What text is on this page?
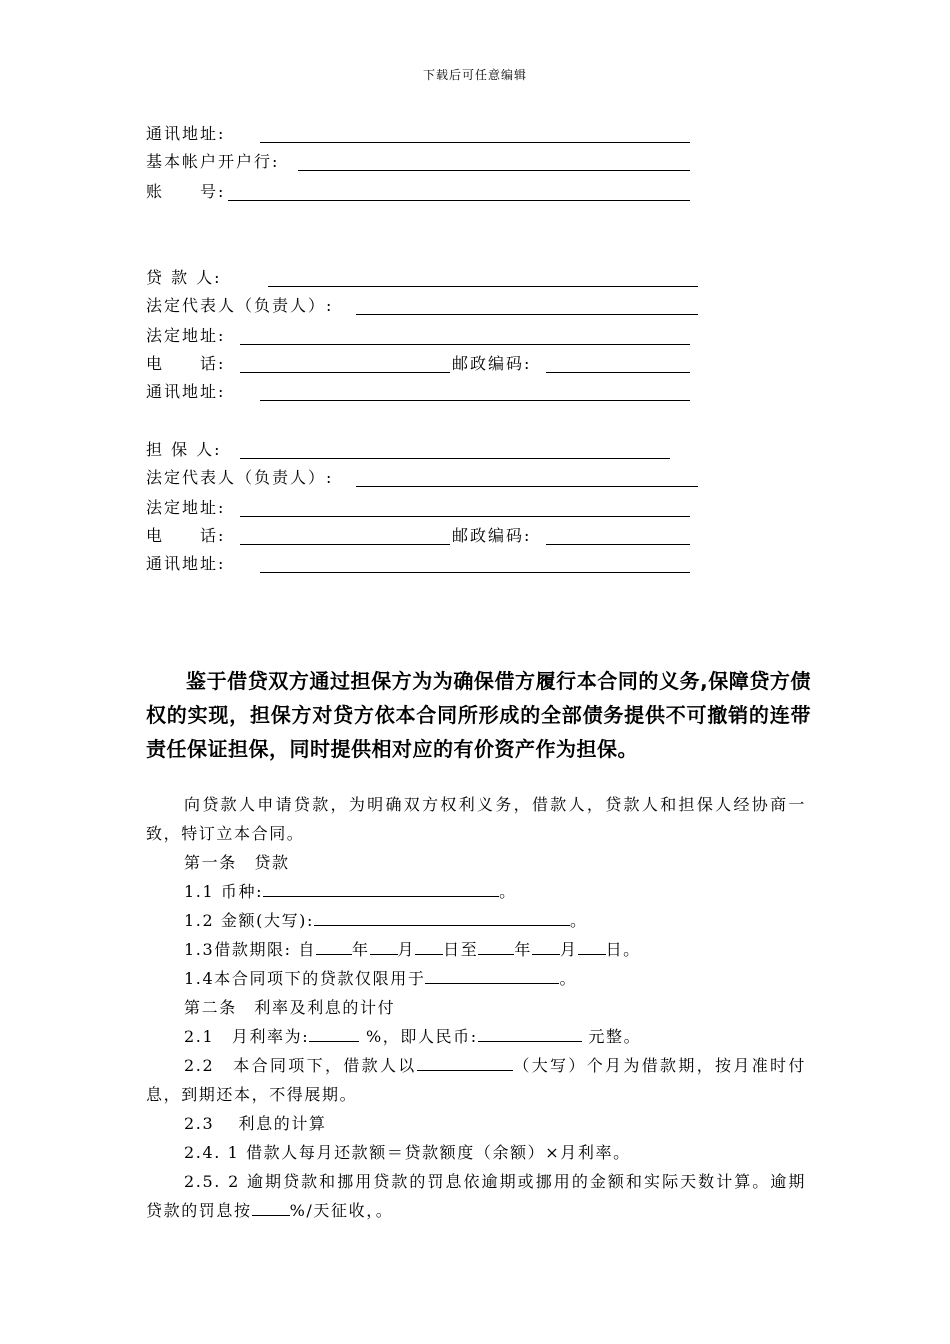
下载后可任意编辑
通讯地址:
基本帐户开户行:
账　　号:
贷 款 人:
法定代表人（负责人）:
法定地址:
电　　话:	邮政编码:
通讯地址:
担 保 人:
法定代表人（负责人）:
法定地址:
电　　话:	邮政编码:
通讯地址:

鉴于借贷双方通过担保方为为确保借方履行本合同的义务,保障贷方债权的实现，担保方对贷方依本合同所形成的全部债务提供不可撤销的连带责任保证担保，同时提供相对应的有价资产作为担保。

向贷款人申请贷款，为明确双方权利义务，借款人，贷款人和担保人经协商一致，特订立本合同。

第一条　贷款

1.1 币种:	。

1.2 金额(大写):	。

1.3借款期限: 自 年 月 日至 年 月 日。

1.4本合同项下的贷款仅限用于	。

第二条　利率及利息的计付

2.1　月利率为:	%，即人民币:	元整。

2.2　本合同项下，借款人以	（大写）个月为借款期，按月准时付息，到期还本，不得展期。

2.3　 利息的计算

2.4. 1 借款人每月还款额＝贷款额度（余额）×月利率。

2.5. 2 逾期贷款和挪用贷款的罚息依逾期或挪用的金额和实际天数计算。逾期贷款的罚息按 %/天征收，。
